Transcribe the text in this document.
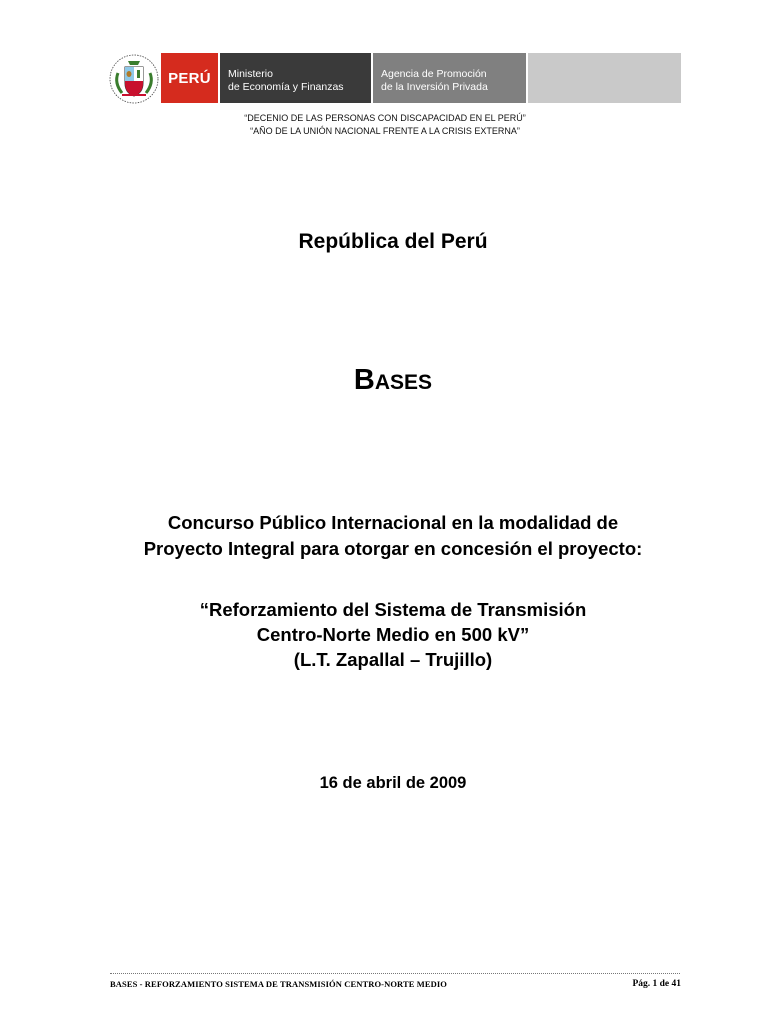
PERÚ Ministerio
de Economía y Finanzas
Agencia de Promoción
de la Inversión Privada
“DECENIO DE LAS PERSONAS CON DISCAPACIDAD EN EL PERÚ”
“AÑO DE LA UNIÓN NACIONAL FRENTE A LA CRISIS EXTERNA”
República del Perú
BASES
Concurso Público Internacional en la modalidad de
Proyecto Integral para otorgar en concesión el proyecto:
“Reforzamiento del Sistema de Transmisión
Centro-Norte Medio en 500 kV”
(L.T. Zapallal – Trujillo)
16 de abril de 2009
BASES - REFORZAMIENTO SISTEMA DE TRANSMISIÓN CENTRO-NORTE MEDIO	Pág. 1 de 41
